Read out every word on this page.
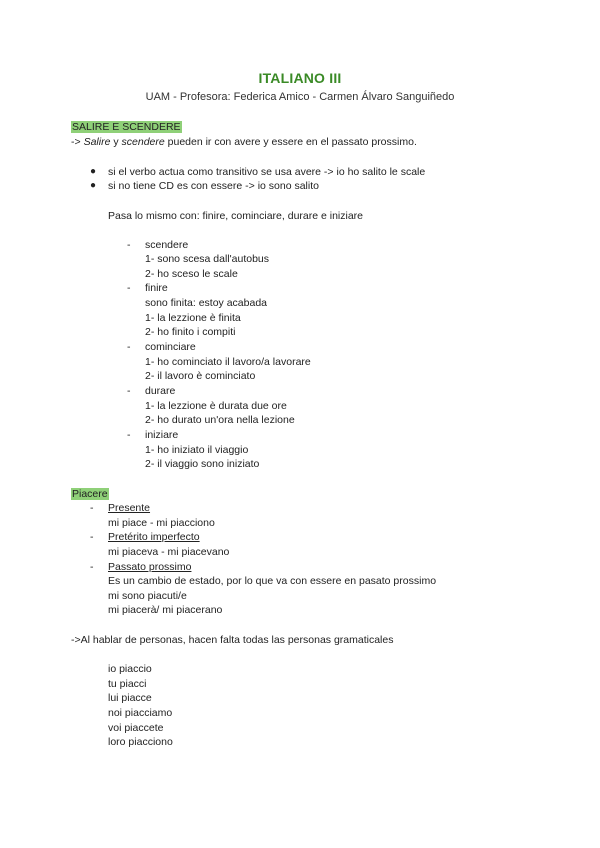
ITALIANO III
UAM - Profesora: Federica Amico - Carmen Álvaro Sanguiñedo
SALIRE E SCENDERE
-> Salire y scendere pueden ir con avere y essere en el passato prossimo.
● si el verbo actua como transitivo se usa avere -> io ho salito le scale
● si no tiene CD es con essere -> io sono salito
Pasa lo mismo con: finire, cominciare, durare e iniziare
- scendere
1- sono scesa dall'autobus
2- ho sceso le scale
- finire
sono finita: estoy acabada
1- la lezzione è finita
2- ho finito i compiti
- cominciare
1- ho cominciato il lavoro/a lavorare
2- il lavoro è cominciato
- durare
1- la lezzione è durata due ore
2- ho durato un'ora nella lezione
- iniziare
1- ho iniziato il viaggio
2- il viaggio sono iniziato
Piacere
- Presente
mi piace - mi piacciono
- Pretérito imperfecto
mi piaceva - mi piacevano
- Passato prossimo
Es un cambio de estado, por lo que va con essere en pasato prossimo
mi sono piacuti/e
mi piacerà/ mi piacerano
->Al hablar de personas, hacen falta todas las personas gramaticales
io piaccio
tu piacci
lui piacce
noi piacciamo
voi piaccete
loro piacciono
